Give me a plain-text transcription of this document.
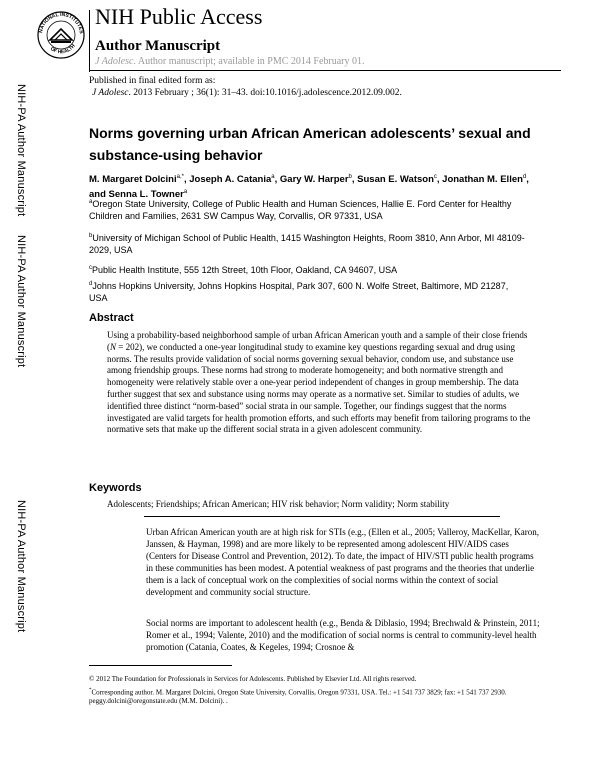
NATIONAL INSTITUTES
OF HEALTH
NIH Public Access
Author Manuscript
J Adolesc. Author manuscript; available in PMC 2014 February 01.
Published in final edited form as:
J Adolesc. 2013 February ; 36(1): 31–43. doi:10.1016/j.adolescence.2012.09.002.
NIH-PA Author Manuscript
NIH-PA Author Manuscript
NIH-PA Author Manuscript
Norms governing urban African American adolescents’ sexual and substance-using behavior
M. Margaret Dolcini$^{a,*}$, Joseph A. Catania$^a$, Gary W. Harper$^b$, Susan E. Watson$^c$, Jonathan M. Ellen$^d$, and Senna L. Towner$^a$
$^a$Oregon State University, College of Public Health and Human Sciences, Hallie E. Ford Center for Healthy Children and Families, 2631 SW Campus Way, Corvallis, OR 97331, USA
$^b$University of Michigan School of Public Health, 1415 Washington Heights, Room 3810, Ann Arbor, MI 48109-2029, USA
$^c$Public Health Institute, 555 12th Street, 10th Floor, Oakland, CA 94607, USA
$^d$Johns Hopkins University, Johns Hopkins Hospital, Park 307, 600 N. Wolfe Street, Baltimore, MD 21287, USA
Abstract
Using a probability-based neighborhood sample of urban African American youth and a sample of their close friends (N = 202), we conducted a one-year longitudinal study to examine key questions regarding sexual and drug using norms. The results provide validation of social norms governing sexual behavior, condom use, and substance use among friendship groups. These norms had strong to moderate homogeneity; and both normative strength and homogeneity were relatively stable over a one-year period independent of changes in group membership. The data further suggest that sex and substance using norms may operate as a normative set. Similar to studies of adults, we identified three distinct “norm-based” social strata in our sample. Together, our findings suggest that the norms investigated are valid targets for health promotion efforts, and such efforts may benefit from tailoring programs to the normative sets that make up the different social strata in a given adolescent community.
Keywords
Adolescents; Friendships; African American; HIV risk behavior; Norm validity; Norm stability
Urban African American youth are at high risk for STIs (e.g., (Ellen et al., 2005; Valleroy, MacKellar, Karon, Janssen, & Hayman, 1998) and are more likely to be represented among adolescent HIV/AIDS cases (Centers for Disease Control and Prevention, 2012). To date, the impact of HIV/STI public health programs in these communities has been modest. A potential weakness of past programs and the theories that underlie them is a lack of conceptual work on the complexities of social norms within the context of social development and community social structure.
Social norms are important to adolescent health (e.g., Benda & Diblasio, 1994; Brechwald & Prinstein, 2011; Romer et al., 1994; Valente, 2010) and the modification of social norms is central to community-level health promotion (Catania, Coates, & Kegeles, 1994; Crosnoe &
© 2012 The Foundation for Professionals in Services for Adolescents. Published by Elsevier Ltd. All rights reserved.
*Corresponding author. M. Margaret Dolcini, Oregon State University, Corvallis, Oregon 97331, USA. Tel.: +1 541 737 3829; fax: +1 541 737 2930. peggy.dolcini@oregonstate.edu (M.M. Dolcini). .
